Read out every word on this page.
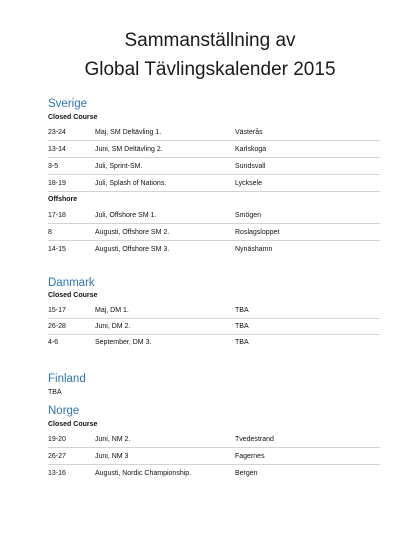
Sammanställning av
Global Tävlingskalender 2015
Sverige
Closed Course
23-24	Maj, SM Deltävling 1.	Västerås
13-14	Juni, SM Deltävling 2.	Karlskoga
3-5	Juli, Sprint-SM.	Sundsvall
18-19	Juli, Splash of Nations.	Lycksele
Offshore
17-18	Juli, Offshore SM 1.	Smögen
8	Augusti, Offshore SM 2.	Roslagsloppet
14-15	Augusti, Offshore SM 3.	Nynäshamn
Danmark
Closed Course
15-17	Maj, DM 1.	TBA
26-28	Juni, DM 2.	TBA
4-6	September, DM 3.	TBA
Finland
TBA
Norge
Closed Course
19-20	Juni, NM 2.	Tvedestrand
26-27	Juni, NM 3	Fagernes
13-16	Augusti, Nordic Championship.	Bergen
